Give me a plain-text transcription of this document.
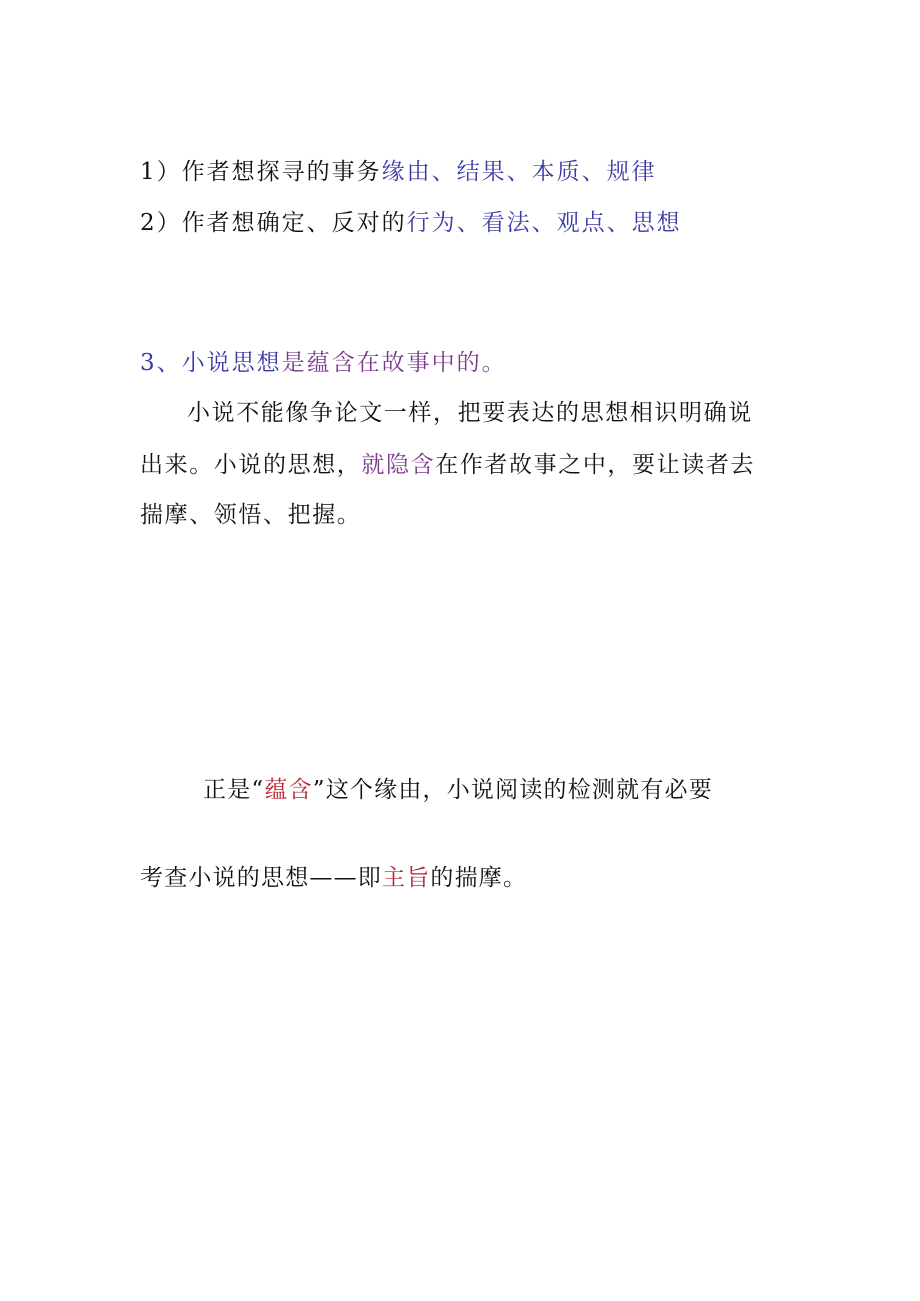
1）作者想探寻的事务缘由、结果、本质、规律
2）作者想确定、反对的行为、看法、观点、思想
3、小说思想是蕴含在故事中的。
小说不能像争论文一样，把要表达的思想相识明确说
出来。小说的思想，就隐含在作者故事之中，要让读者去
揣摩、领悟、把握。
正是“蕴含”这个缘由，小说阅读的检测就有必要
考查小说的思想——即主旨的揣摩。
